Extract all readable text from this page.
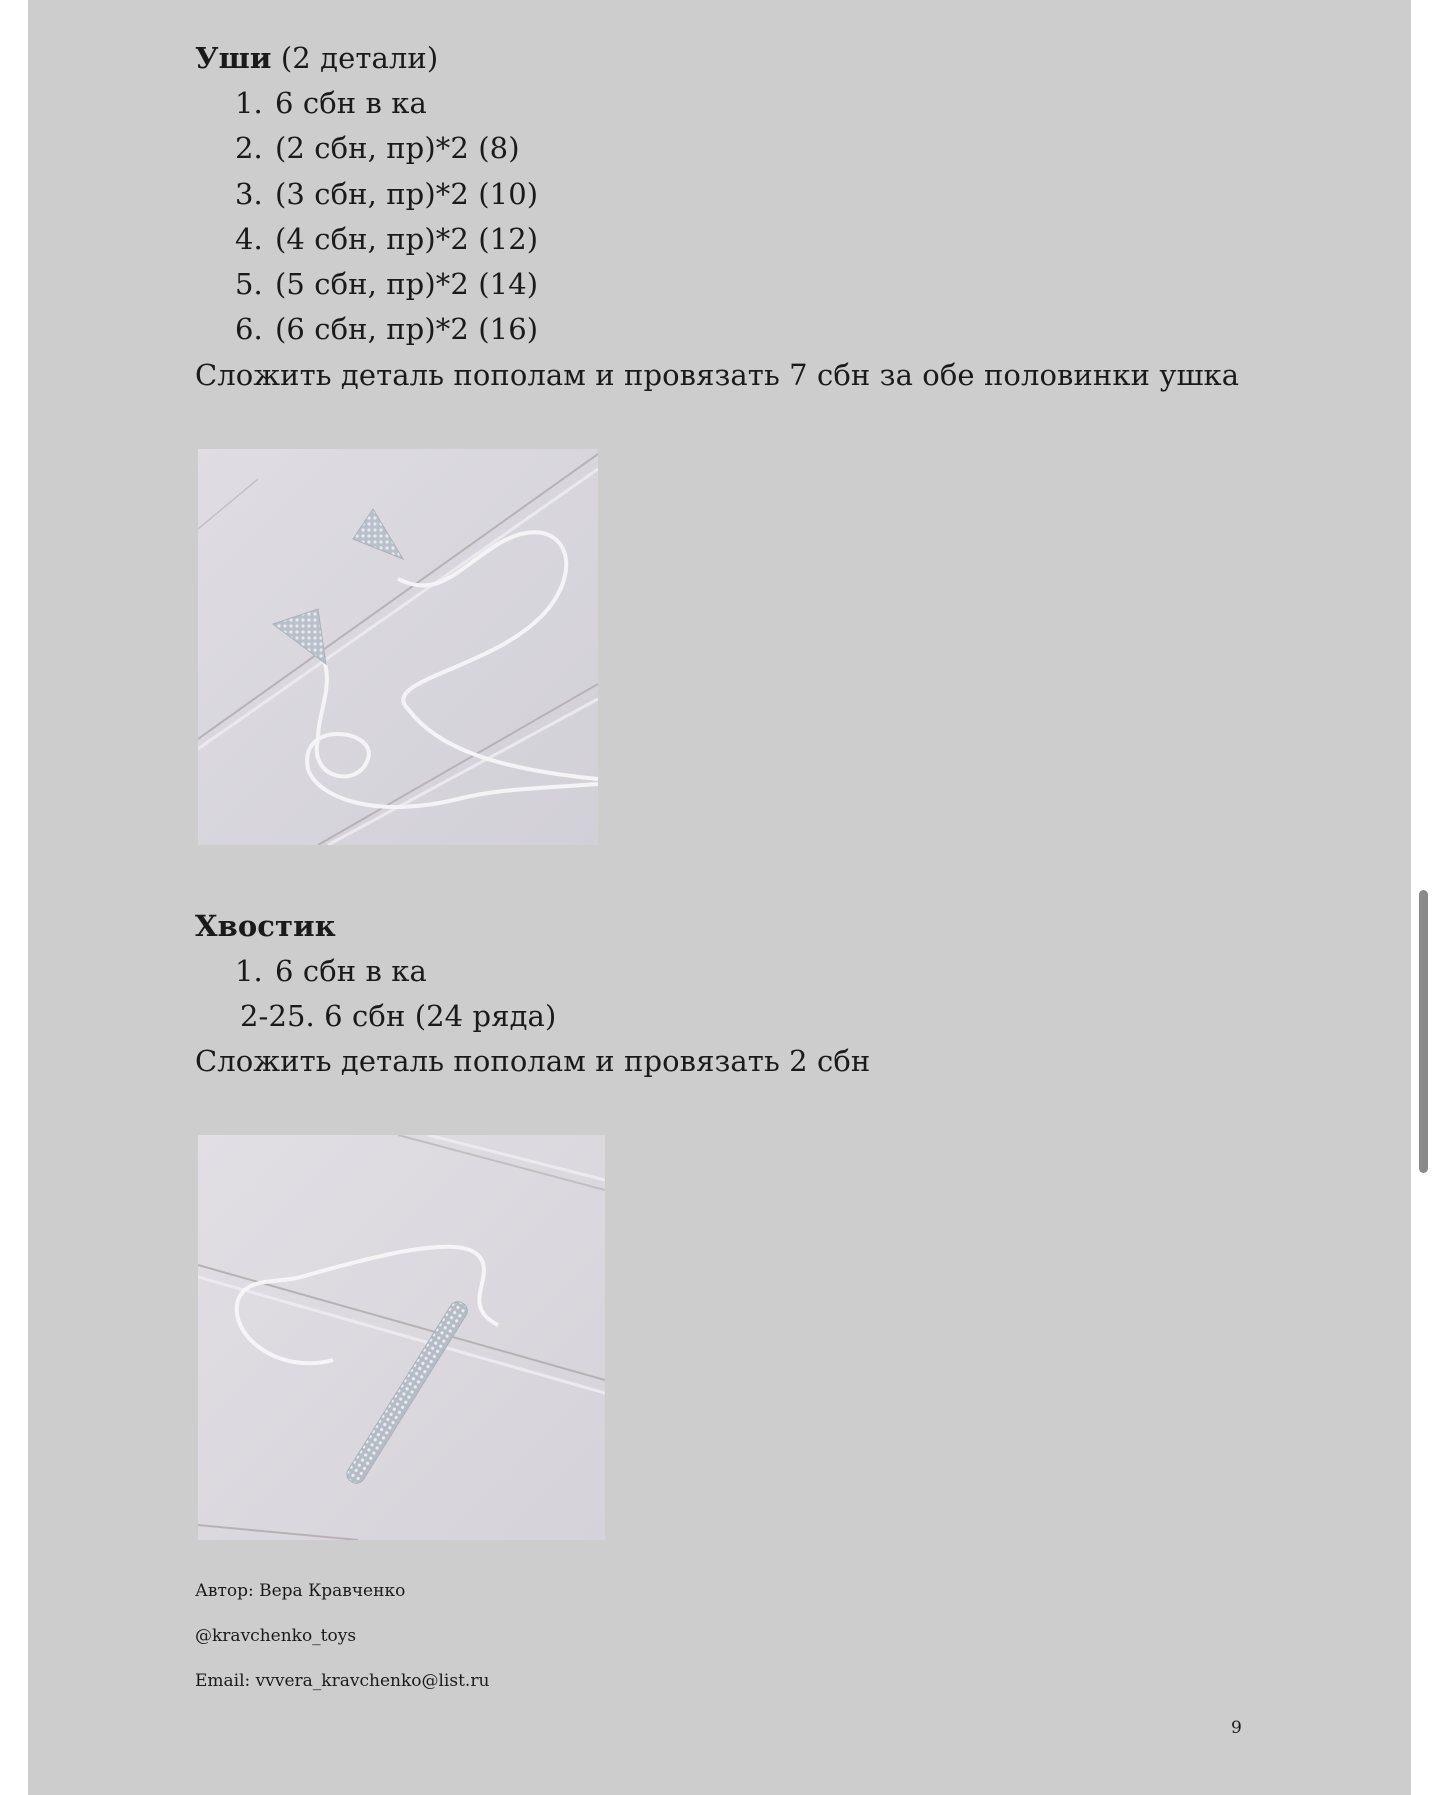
Уши (2 детали)
1. 6 сбн в ка
2. (2 сбн, пр)*2 (8)
3. (3 сбн, пр)*2 (10)
4. (4 сбн, пр)*2 (12)
5. (5 сбн, пр)*2 (14)
6. (6 сбн, пр)*2 (16)
Сложить деталь пополам и провязать 7 сбн за обе половинки ушка
Хвостик
1. 6 сбн в ка
2-25. 6 сбн (24 ряда)
Сложить деталь пополам и провязать 2 сбн
Автор: Вера Кравченко
@kravchenko_toys
Email: vvvera_kravchenko@list.ru
9
